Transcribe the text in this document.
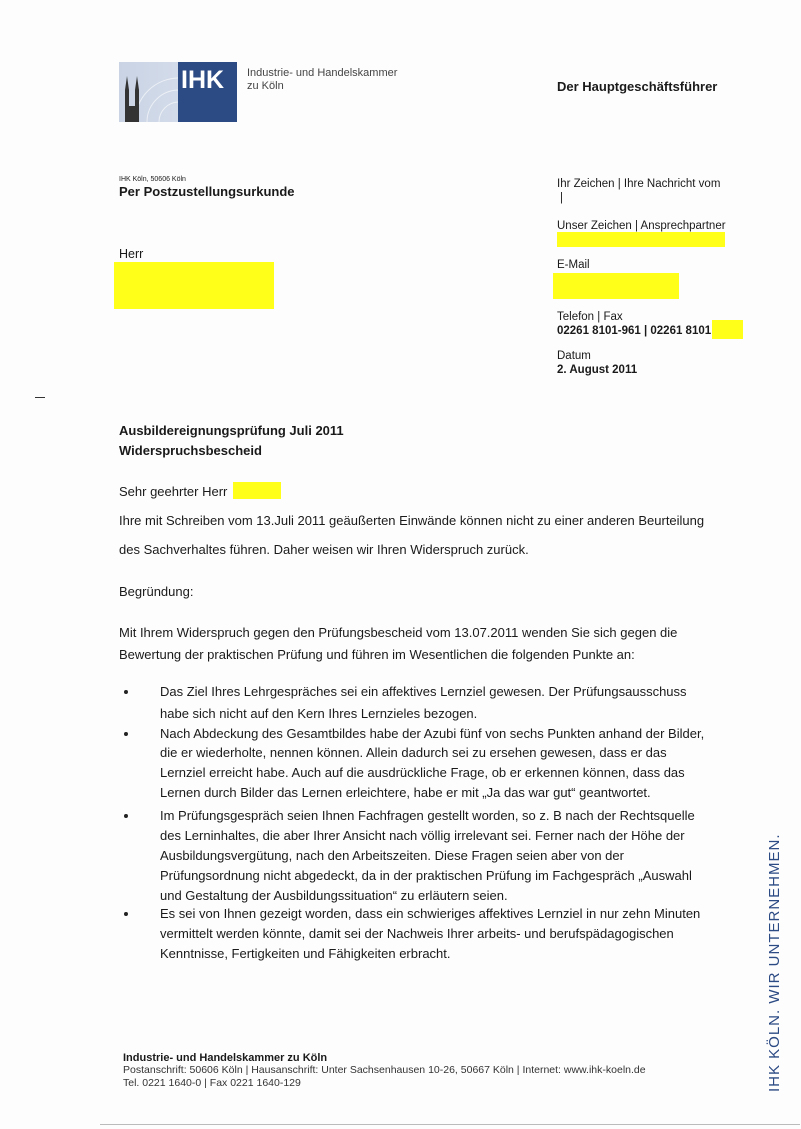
IHK Industrie- und Handelskammer
zu Köln	Der Hauptgeschäftsführer
IHK Köln, 50606 Köln
Per Postzustellungsurkunde
Herr
Ihr Zeichen | Ihre Nachricht vom
|
Unser Zeichen | Ansprechpartner
E-Mail
Telefon | Fax
02261 8101-961 | 02261 8101
Datum
2. August 2011
Ausbildereignungsprüfung Juli 2011
Widerspruchsbescheid
Sehr geehrter Herr
Ihre mit Schreiben vom 13.Juli 2011 geäußerten Einwände können nicht zu einer anderen Beurteilung
des Sachverhaltes führen. Daher weisen wir Ihren Widerspruch zurück.
Begründung:
Mit Ihrem Widerspruch gegen den Prüfungsbescheid vom 13.07.2011 wenden Sie sich gegen die
Bewertung der praktischen Prüfung und führen im Wesentlichen die folgenden Punkte an:
Das Ziel Ihres Lehrgespräches sei ein affektives Lernziel gewesen. Der Prüfungsausschuss
habe sich nicht auf den Kern Ihres Lernzieles bezogen.
Nach Abdeckung des Gesamtbildes habe der Azubi fünf von sechs Punkten anhand der Bilder,
die er wiederholte, nennen können. Allein dadurch sei zu ersehen gewesen, dass er das
Lernziel erreicht habe. Auch auf die ausdrückliche Frage, ob er erkennen können, dass das
Lernen durch Bilder das Lernen erleichtere, habe er mit „Ja das war gut“ geantwortet.
Im Prüfungsgespräch seien Ihnen Fachfragen gestellt worden, so z. B nach der Rechtsquelle
des Lerninhaltes, die aber Ihrer Ansicht nach völlig irrelevant sei. Ferner nach der Höhe der
Ausbildungsvergütung, nach den Arbeitszeiten. Diese Fragen seien aber von der
Prüfungsordnung nicht abgedeckt, da in der praktischen Prüfung im Fachgespräch „Auswahl
und Gestaltung der Ausbildungssituation“ zu erläutern seien.
Es sei von Ihnen gezeigt worden, dass ein schwieriges affektives Lernziel in nur zehn Minuten
vermittelt werden könnte, damit sei der Nachweis Ihrer arbeits- und berufspädagogischen
Kenntnisse, Fertigkeiten und Fähigkeiten erbracht.
Industrie- und Handelskammer zu Köln
Postanschrift: 50606 Köln | Hausanschrift: Unter Sachsenhausen 10-26, 50667 Köln | Internet: www.ihk-koeln.de
Tel. 0221 1640-0 | Fax 0221 1640-129	IHK KÖLN. WIR UNTERNEHMEN.
